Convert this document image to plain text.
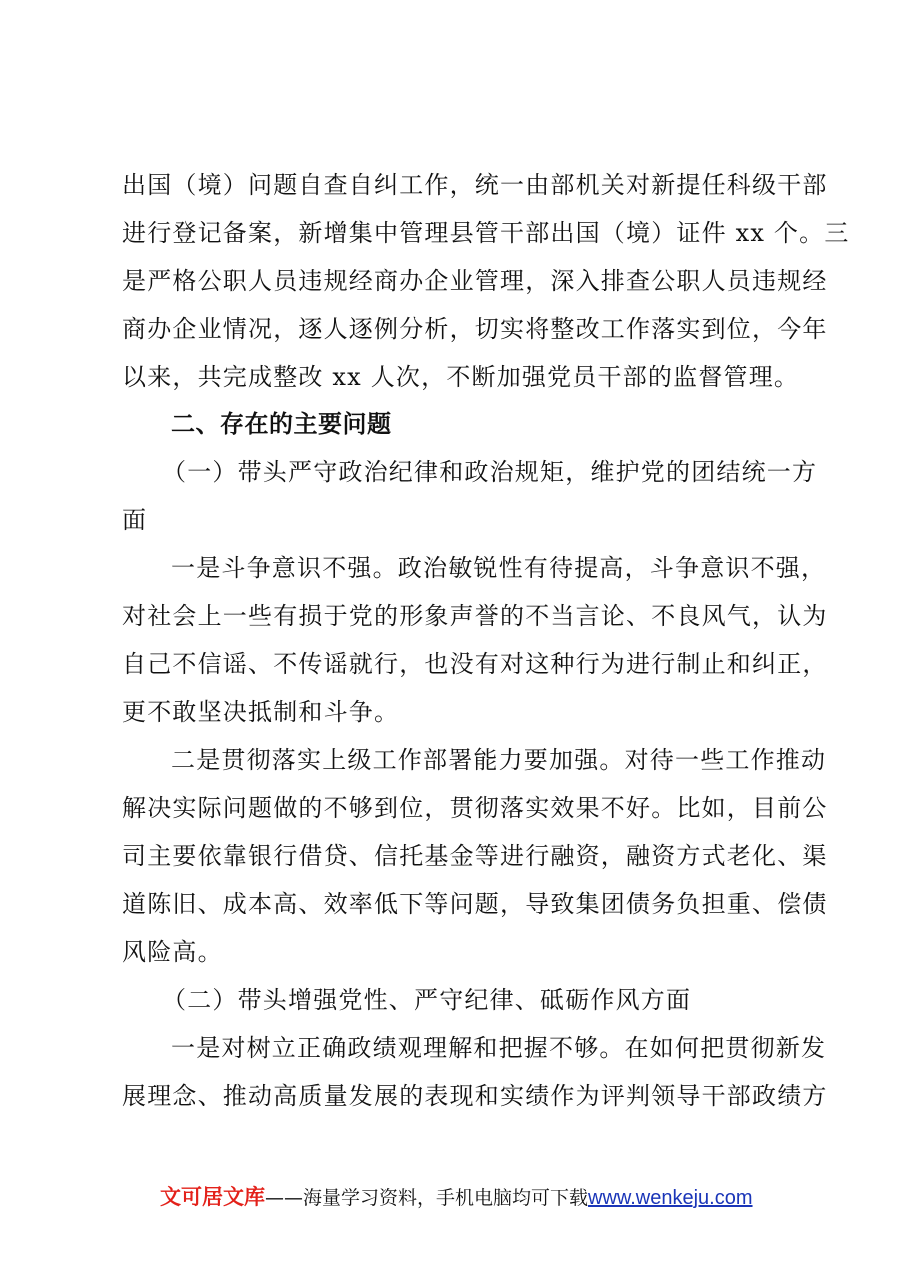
出国（境）问题自查自纠工作，统一由部机关对新提任科级干部
进行登记备案，新增集中管理县管干部出国（境）证件 xx 个。三
是严格公职人员违规经商办企业管理，深入排查公职人员违规经
商办企业情况，逐人逐例分析，切实将整改工作落实到位，今年
以来，共完成整改 xx 人次，不断加强党员干部的监督管理。
二、存在的主要问题
（一）带头严守政治纪律和政治规矩，维护党的团结统一方
面
一是斗争意识不强。政治敏锐性有待提高，斗争意识不强，
对社会上一些有损于党的形象声誉的不当言论、不良风气，认为
自己不信谣、不传谣就行，也没有对这种行为进行制止和纠正，
更不敢坚决抵制和斗争。
二是贯彻落实上级工作部署能力要加强。对待一些工作推动
解决实际问题做的不够到位，贯彻落实效果不好。比如，目前公
司主要依靠银行借贷、信托基金等进行融资，融资方式老化、渠
道陈旧、成本高、效率低下等问题，导致集团债务负担重、偿债
风险高。
（二）带头增强党性、严守纪律、砥砺作风方面
一是对树立正确政绩观理解和把握不够。在如何把贯彻新发
展理念、推动高质量发展的表现和实绩作为评判领导干部政绩方
文可居文库——海量学习资料，手机电脑均可下载www.wenkeju.com
